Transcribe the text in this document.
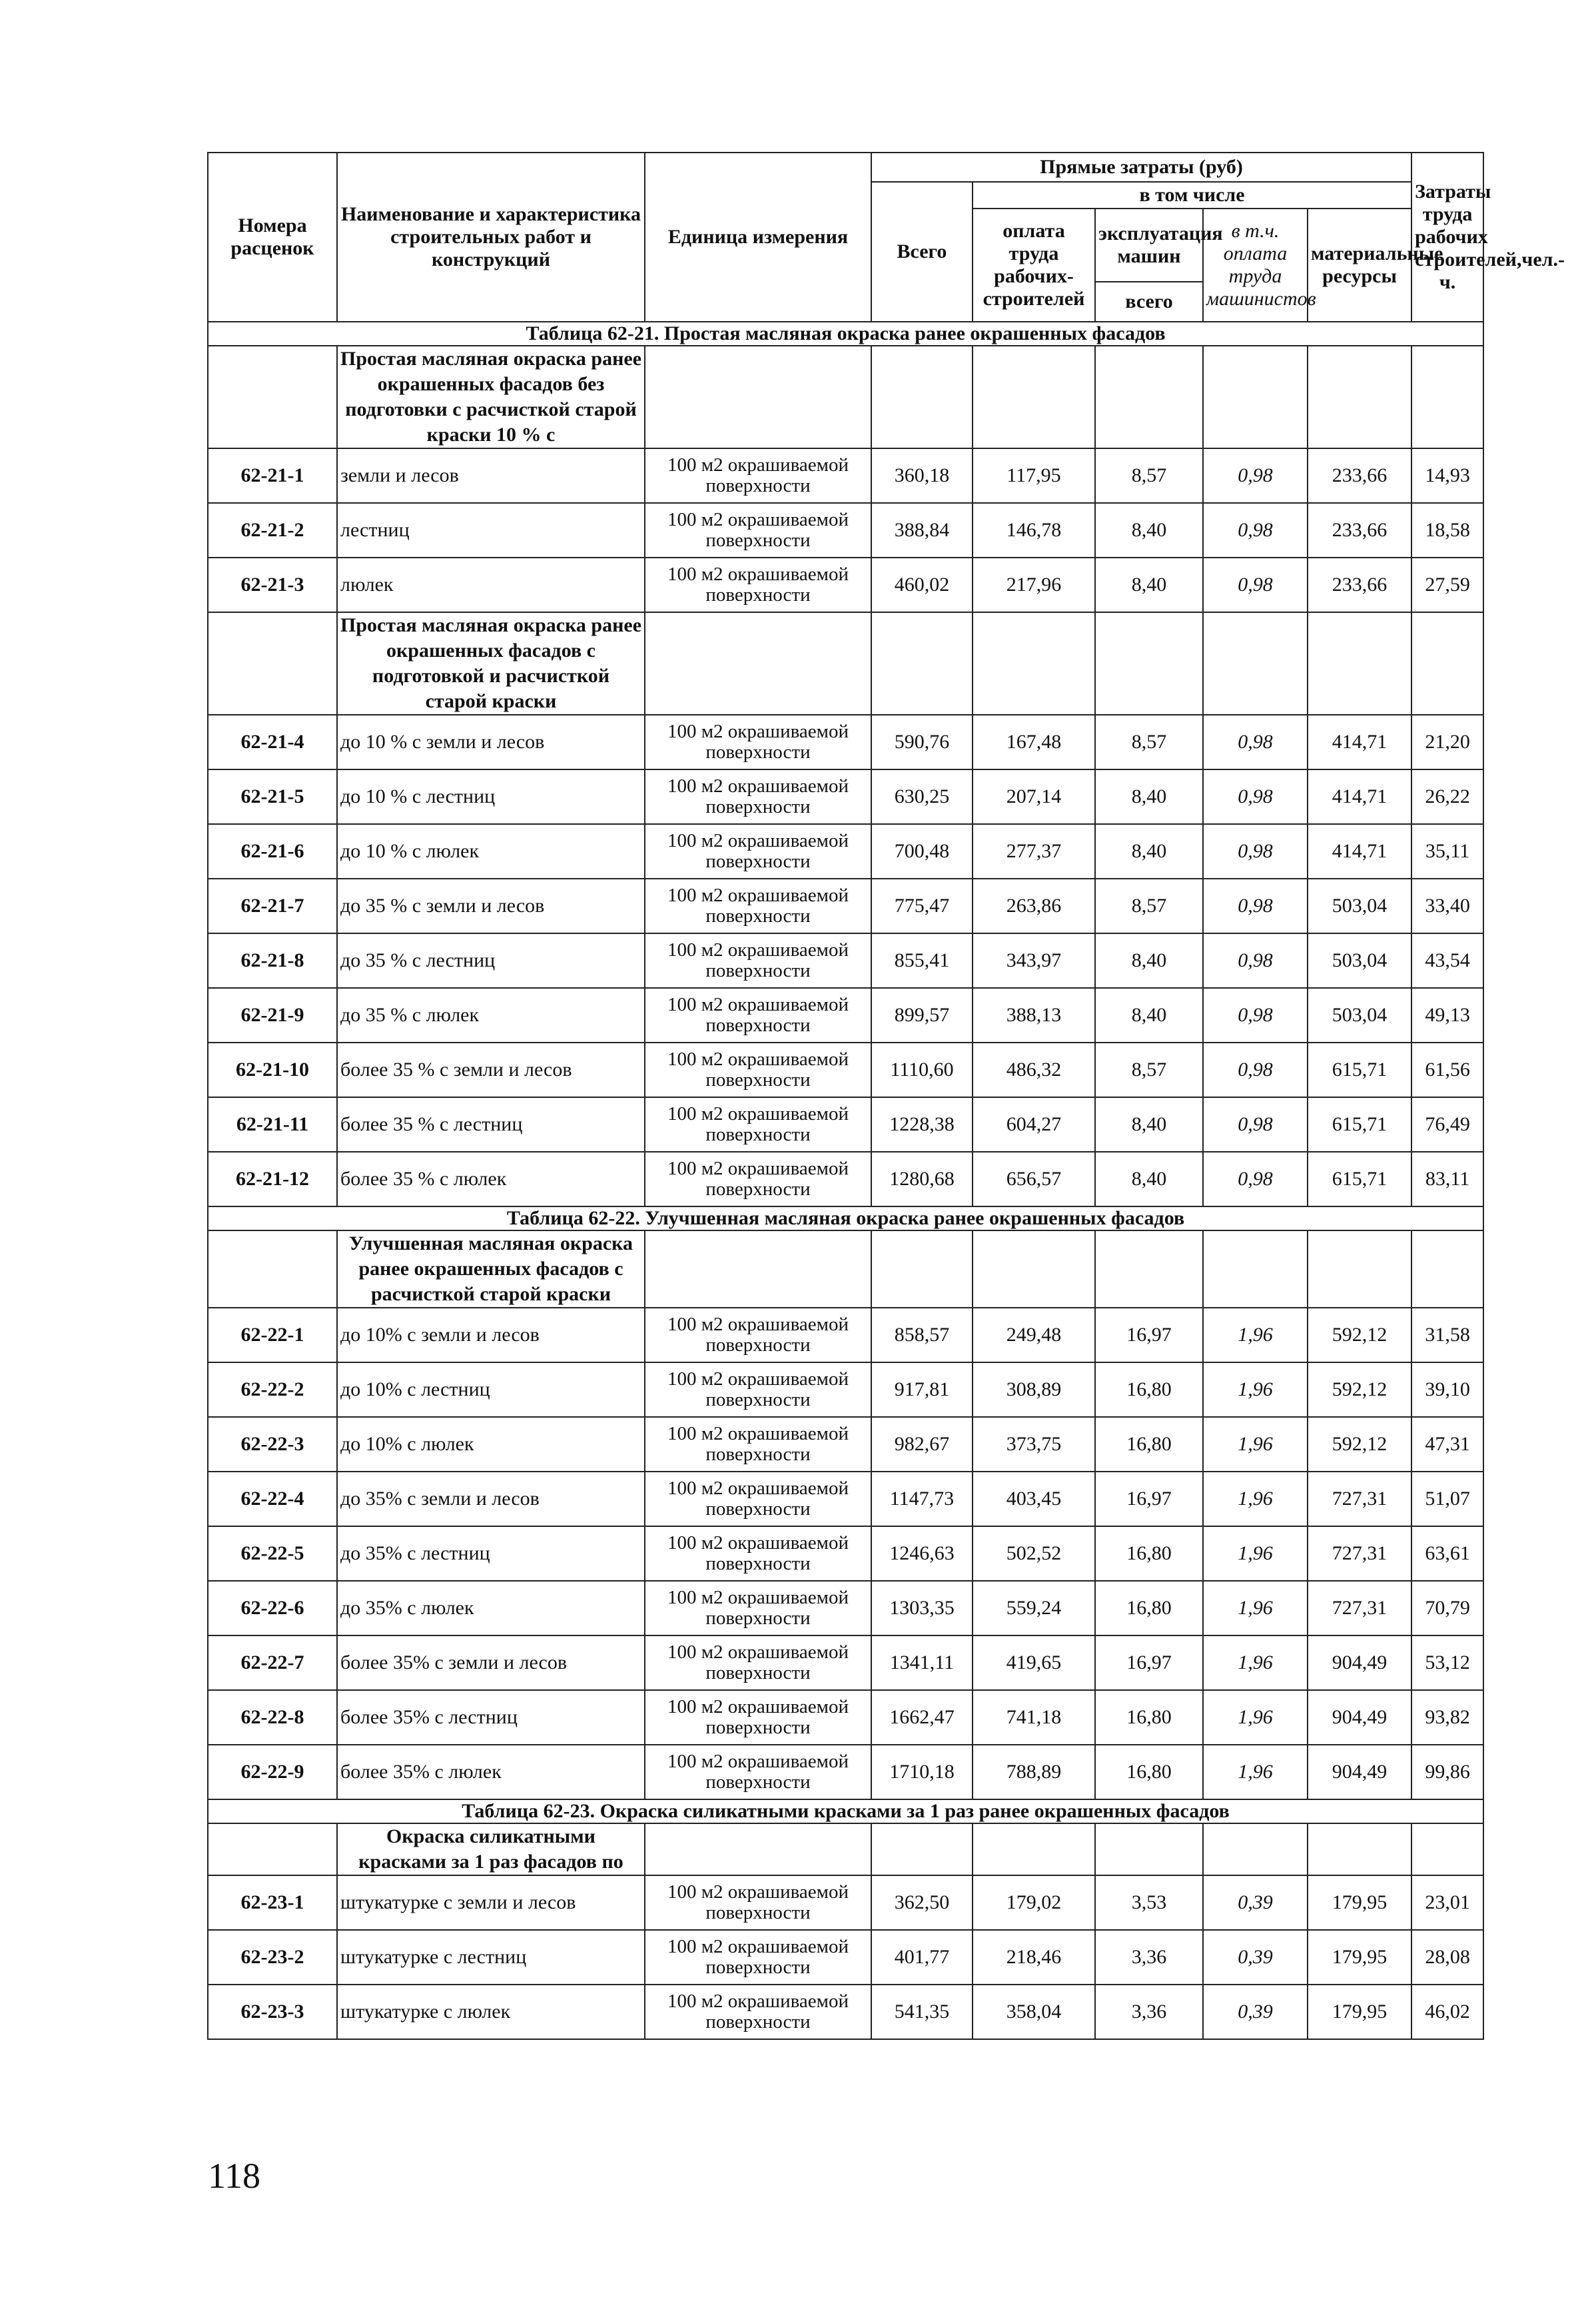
Номера расценок	Наименование и характеристика строительных работ и конструкций	Единица измерения	Прямые затраты (руб)					Затраты труда рабочих строителей,чел.-ч.
			Всего	в том числе				
				оплата труда рабочих-строителей	эксплуатация машин	в т.ч. оплата труда машинистов	материальные ресурсы	
					всего			
Таблица 62-21. Простая масляная окраска ранее окрашенных фасадов								
	Простая масляная окраска ранее окрашенных фасадов без подготовки с расчисткой старой краски 10 % с							
62-21-1	земли и лесов	100 м2 окрашиваемой поверхности	360,18	117,95	8,57	0,98	233,66	14,93
62-21-2	лестниц	100 м2 окрашиваемой поверхности	388,84	146,78	8,40	0,98	233,66	18,58
62-21-3	люлек	100 м2 окрашиваемой поверхности	460,02	217,96	8,40	0,98	233,66	27,59
	Простая масляная окраска ранее окрашенных фасадов с подготовкой и расчисткой старой краски							
62-21-4	до 10 % с земли и лесов	100 м2 окрашиваемой поверхности	590,76	167,48	8,57	0,98	414,71	21,20
62-21-5	до 10 % с лестниц	100 м2 окрашиваемой поверхности	630,25	207,14	8,40	0,98	414,71	26,22
62-21-6	до 10 % с люлек	100 м2 окрашиваемой поверхности	700,48	277,37	8,40	0,98	414,71	35,11
62-21-7	до 35 % с земли и лесов	100 м2 окрашиваемой поверхности	775,47	263,86	8,57	0,98	503,04	33,40
62-21-8	до 35 % с лестниц	100 м2 окрашиваемой поверхности	855,41	343,97	8,40	0,98	503,04	43,54
62-21-9	до 35 % с люлек	100 м2 окрашиваемой поверхности	899,57	388,13	8,40	0,98	503,04	49,13
62-21-10	более 35 % с земли и лесов	100 м2 окрашиваемой поверхности	1110,60	486,32	8,57	0,98	615,71	61,56
62-21-11	более 35 % с лестниц	100 м2 окрашиваемой поверхности	1228,38	604,27	8,40	0,98	615,71	76,49
62-21-12	более 35 % с люлек	100 м2 окрашиваемой поверхности	1280,68	656,57	8,40	0,98	615,71	83,11
Таблица 62-22. Улучшенная масляная окраска ранее окрашенных фасадов								
	Улучшенная масляная окраска ранее окрашенных фасадов с расчисткой старой краски							
62-22-1	до 10% с земли и лесов	100 м2 окрашиваемой поверхности	858,57	249,48	16,97	1,96	592,12	31,58
62-22-2	до 10% с лестниц	100 м2 окрашиваемой поверхности	917,81	308,89	16,80	1,96	592,12	39,10
62-22-3	до 10% с люлек	100 м2 окрашиваемой поверхности	982,67	373,75	16,80	1,96	592,12	47,31
62-22-4	до 35% с земли и лесов	100 м2 окрашиваемой поверхности	1147,73	403,45	16,97	1,96	727,31	51,07
62-22-5	до 35% с лестниц	100 м2 окрашиваемой поверхности	1246,63	502,52	16,80	1,96	727,31	63,61
62-22-6	до 35% с люлек	100 м2 окрашиваемой поверхности	1303,35	559,24	16,80	1,96	727,31	70,79
62-22-7	более 35% с земли и лесов	100 м2 окрашиваемой поверхности	1341,11	419,65	16,97	1,96	904,49	53,12
62-22-8	более 35% с лестниц	100 м2 окрашиваемой поверхности	1662,47	741,18	16,80	1,96	904,49	93,82
62-22-9	более 35% с люлек	100 м2 окрашиваемой поверхности	1710,18	788,89	16,80	1,96	904,49	99,86
Таблица 62-23. Окраска силикатными красками за 1 раз ранее окрашенных фасадов								
	Окраска силикатными красками за 1 раз фасадов по							
62-23-1	штукатурке с земли и лесов	100 м2 окрашиваемой поверхности	362,50	179,02	3,53	0,39	179,95	23,01
62-23-2	штукатурке с лестниц	100 м2 окрашиваемой поверхности	401,77	218,46	3,36	0,39	179,95	28,08
62-23-3	штукатурке с люлек	100 м2 окрашиваемой поверхности	541,35	358,04	3,36	0,39	179,95	46,02
118
